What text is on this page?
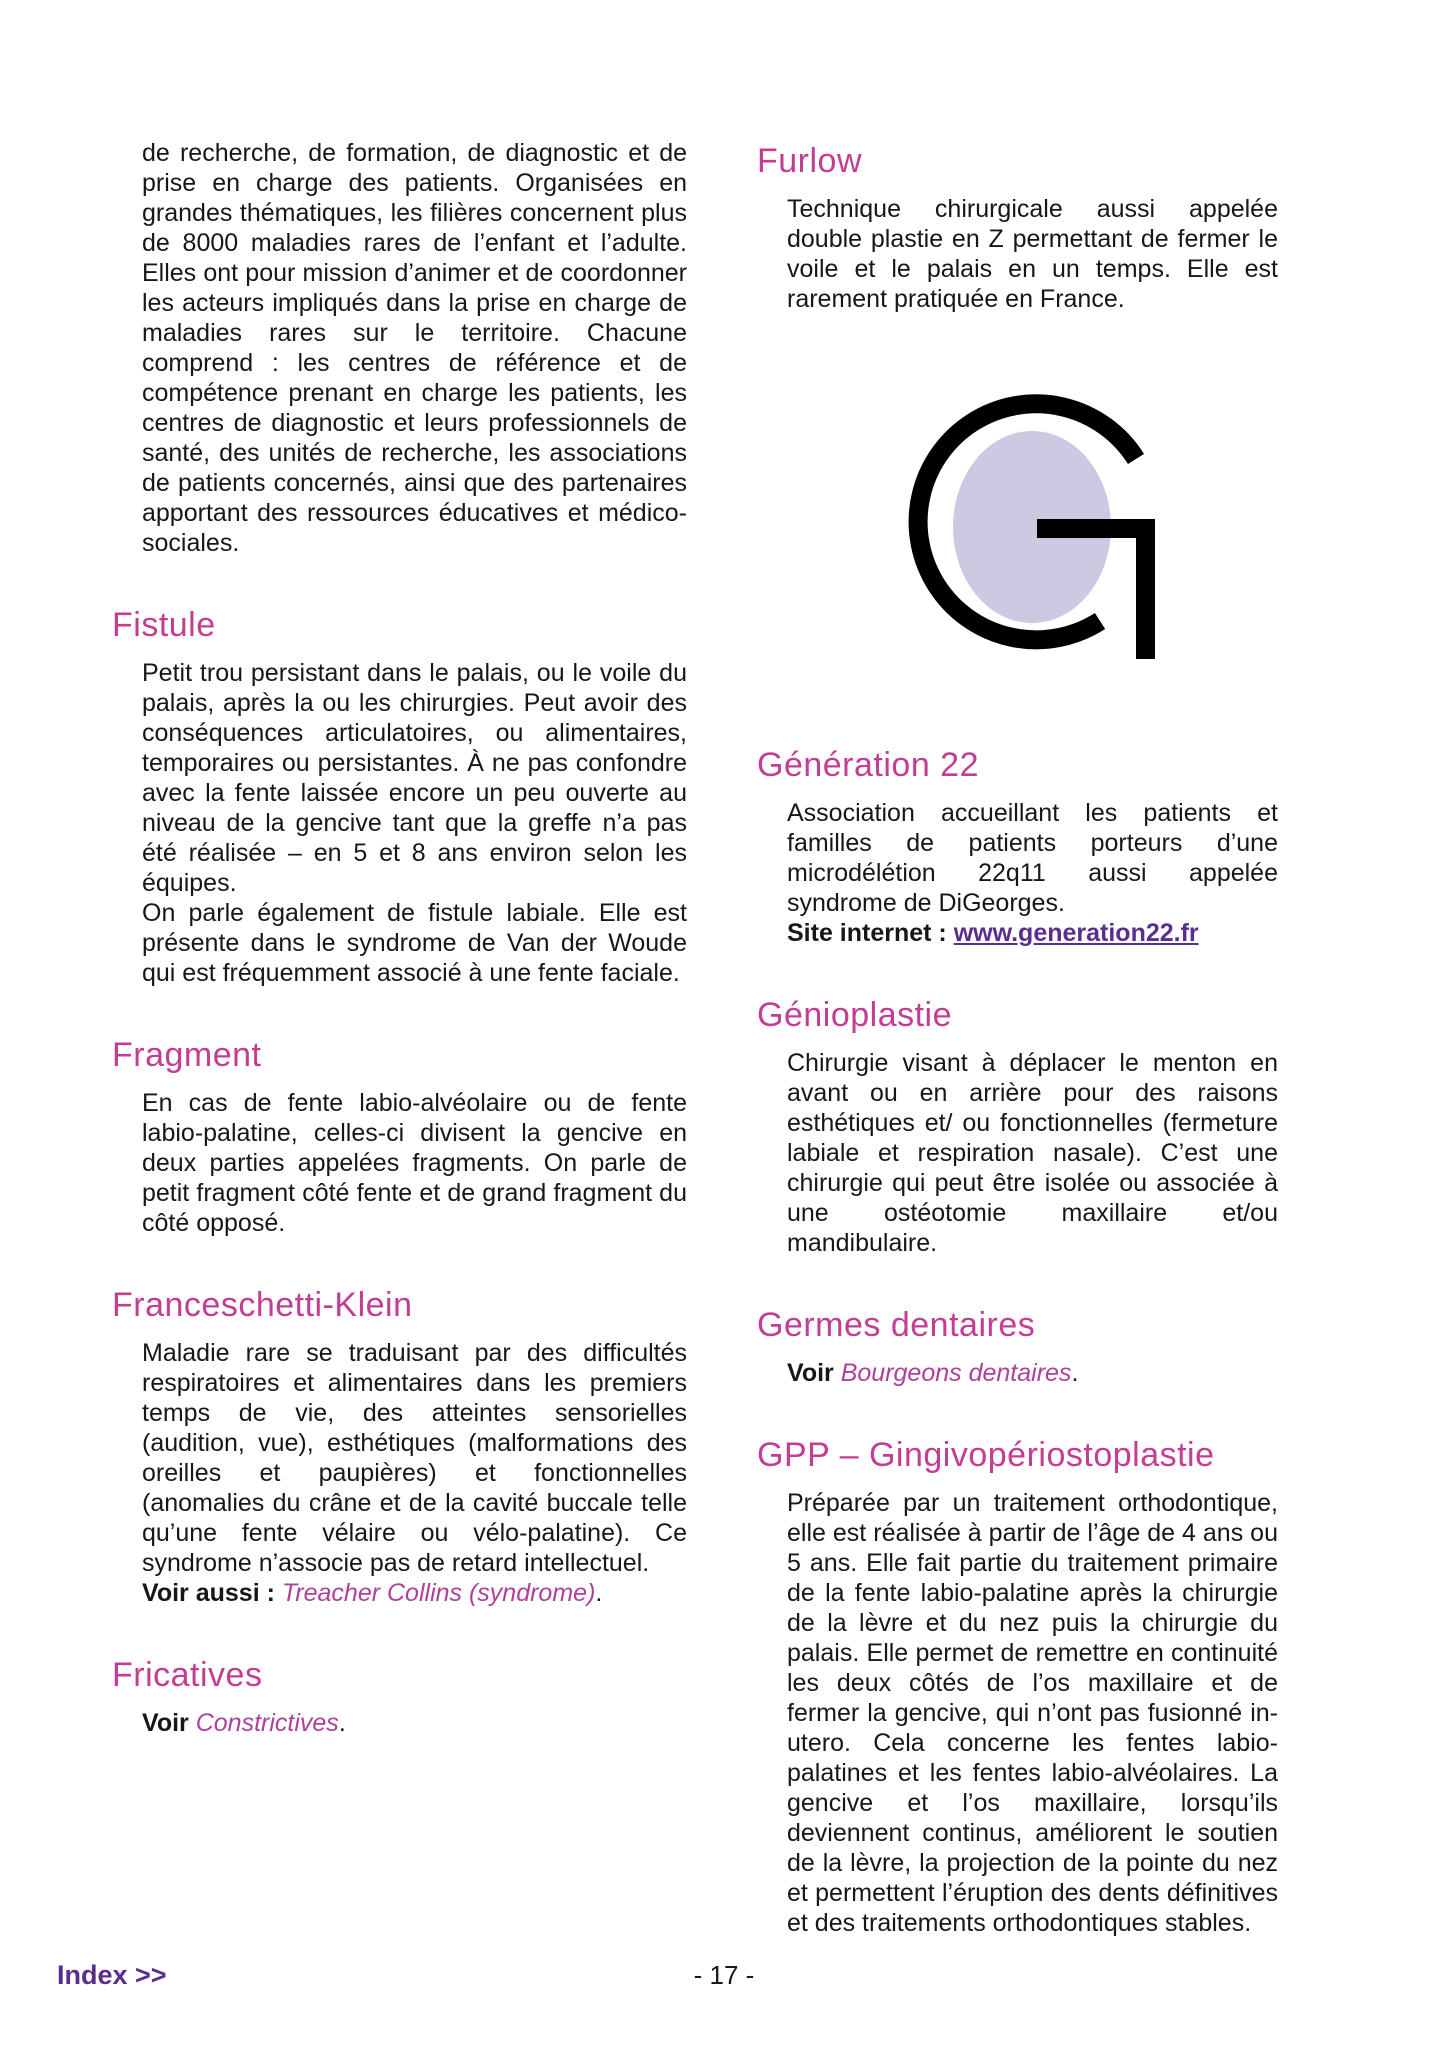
de recherche, de formation, de diagnostic et de prise en charge des patients. Organisées en grandes thématiques, les filières concernent plus de 8000 maladies rares de l’enfant et l’adulte. Elles ont pour mission d’animer et de coordonner les acteurs impliqués dans la prise en charge de maladies rares sur le territoire. Chacune comprend : les centres de référence et de compétence prenant en charge les patients, les centres de diagnostic et leurs professionnels de santé, des unités de recherche, les associations de patients concernés, ainsi que des partenaires apportant des ressources éducatives et médico-sociales.

Fistule

Petit trou persistant dans le palais, ou le voile du palais, après la ou les chirurgies. Peut avoir des conséquences articulatoires, ou alimentaires, temporaires ou persistantes. À ne pas confondre avec la fente laissée encore un peu ouverte au niveau de la gencive tant que la greffe n’a pas été réalisée – en 5 et 8 ans environ selon les équipes.

On parle également de fistule labiale. Elle est présente dans le syndrome de Van der Woude qui est fréquemment associé à une fente faciale.

Fragment

En cas de fente labio-alvéolaire ou de fente labio-palatine, celles-ci divisent la gencive en deux parties appelées fragments. On parle de petit fragment côté fente et de grand fragment du côté opposé.

Franceschetti-Klein

Maladie rare se traduisant par des difficultés respiratoires et alimentaires dans les premiers temps de vie, des atteintes sensorielles (audition, vue), esthétiques (malformations des oreilles et paupières) et fonctionnelles (anomalies du crâne et de la cavité buccale telle qu’une fente vélaire ou vélo-palatine). Ce syndrome n’associe pas de retard intellectuel.

Voir aussi : Treacher Collins (syndrome).

Fricatives

Voir Constrictives.

Furlow

Technique chirurgicale aussi appelée double plastie en Z permettant de fermer le voile et le palais en un temps. Elle est rarement pratiquée en France.

Génération 22

Association accueillant les patients et familles de patients porteurs d’une microdélétion 22q11 aussi appelée syndrome de DiGeorges.

Site internet : www.generation22.fr

Génioplastie

Chirurgie visant à déplacer le menton en avant ou en arrière pour des raisons esthétiques et/ ou fonctionnelles (fermeture labiale et respiration nasale). C’est une chirurgie qui peut être isolée ou associée à une ostéotomie maxillaire et/ou mandibulaire.

Germes dentaires

Voir Bourgeons dentaires.

GPP – Gingivopériostoplastie

Préparée par un traitement orthodontique, elle est réalisée à partir de l’âge de 4 ans ou 5 ans. Elle fait partie du traitement primaire de la fente labio-palatine après la chirurgie de la lèvre et du nez puis la chirurgie du palais. Elle permet de remettre en continuité les deux côtés de l’os maxillaire et de fermer la gencive, qui n’ont pas fusionné in-utero. Cela concerne les fentes labio-palatines et les fentes labio-alvéolaires. La gencive et l’os maxillaire, lorsqu’ils deviennent continus, améliorent le soutien de la lèvre, la projection de la pointe du nez et permettent l’éruption des dents définitives et des traitements orthodontiques stables.

Index >>	- 17 -
